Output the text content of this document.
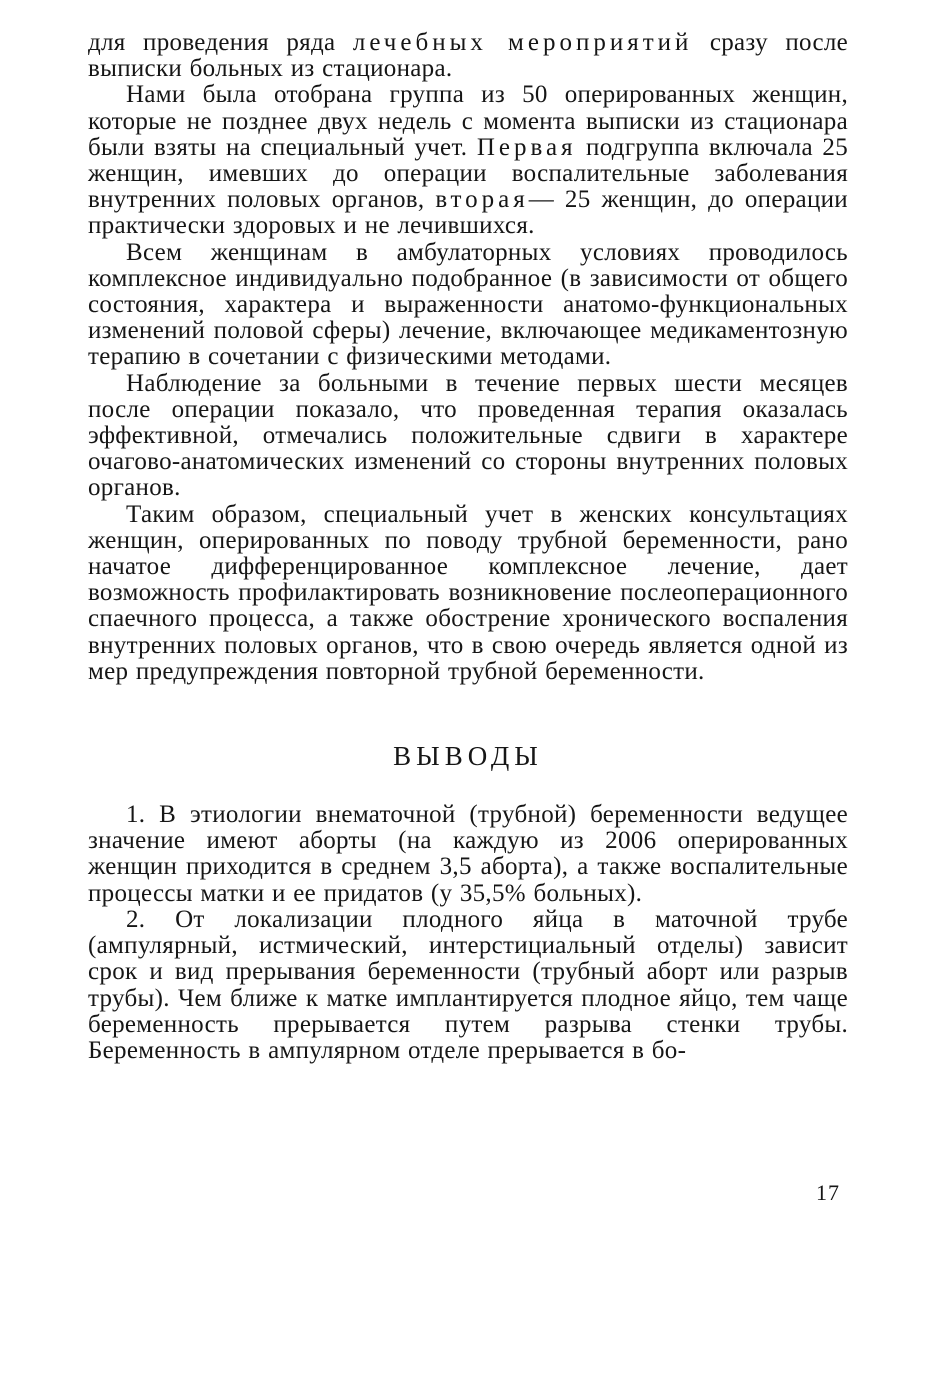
для проведения ряда лечебных мероприятий сразу после выписки больных из стационара.

Нами была отобрана группа из 50 оперированных женщин, которые не позднее двух недель с момента выписки из стационара были взяты на специальный учет. Первая подгруппа включала 25 женщин, имевших до операции воспалительные заболевания внутренних половых органов, вторая— 25 женщин, до операции практически здоровых и не лечившихся.

Всем женщинам в амбулаторных условиях проводилось комплексное индивидуально подобранное (в зависимости от общего состояния, характера и выраженности анатомо-функциональных изменений половой сферы) лечение, включающее медикаментозную терапию в сочетании с физическими методами.

Наблюдение за больными в течение первых шести месяцев после операции показало, что проведенная терапия оказалась эффективной, отмечались положительные сдвиги в характере очагово-анатомических изменений со стороны внутренних половых органов.

Таким образом, специальный учет в женских консультациях женщин, оперированных по поводу трубной беременности, рано начатое дифференцированное комплексное лечение, дает возможность профилактировать возникновение послеоперационного спаечного процесса, а также обострение хронического воспаления внутренних половых органов, что в свою очередь является одной из мер предупреждения повторной трубной беременности.

ВЫВОДЫ

1. В этиологии внематочной (трубной) беременности ведущее значение имеют аборты (на каждую из 2006 оперированных женщин приходится в среднем 3,5 аборта), а также воспалительные процессы матки и ее придатов (у 35,5% больных).

2. От локализации плодного яйца в маточной трубе (ампулярный, истмический, интерстициальный отделы) зависит срок и вид прерывания беременности (трубный аборт или разрыв трубы). Чем ближе к матке имплантируется плодное яйцо, тем чаще беременность прерывается путем разрыва стенки трубы. Беременность в ампулярном отделе прерывается в бо-

17
